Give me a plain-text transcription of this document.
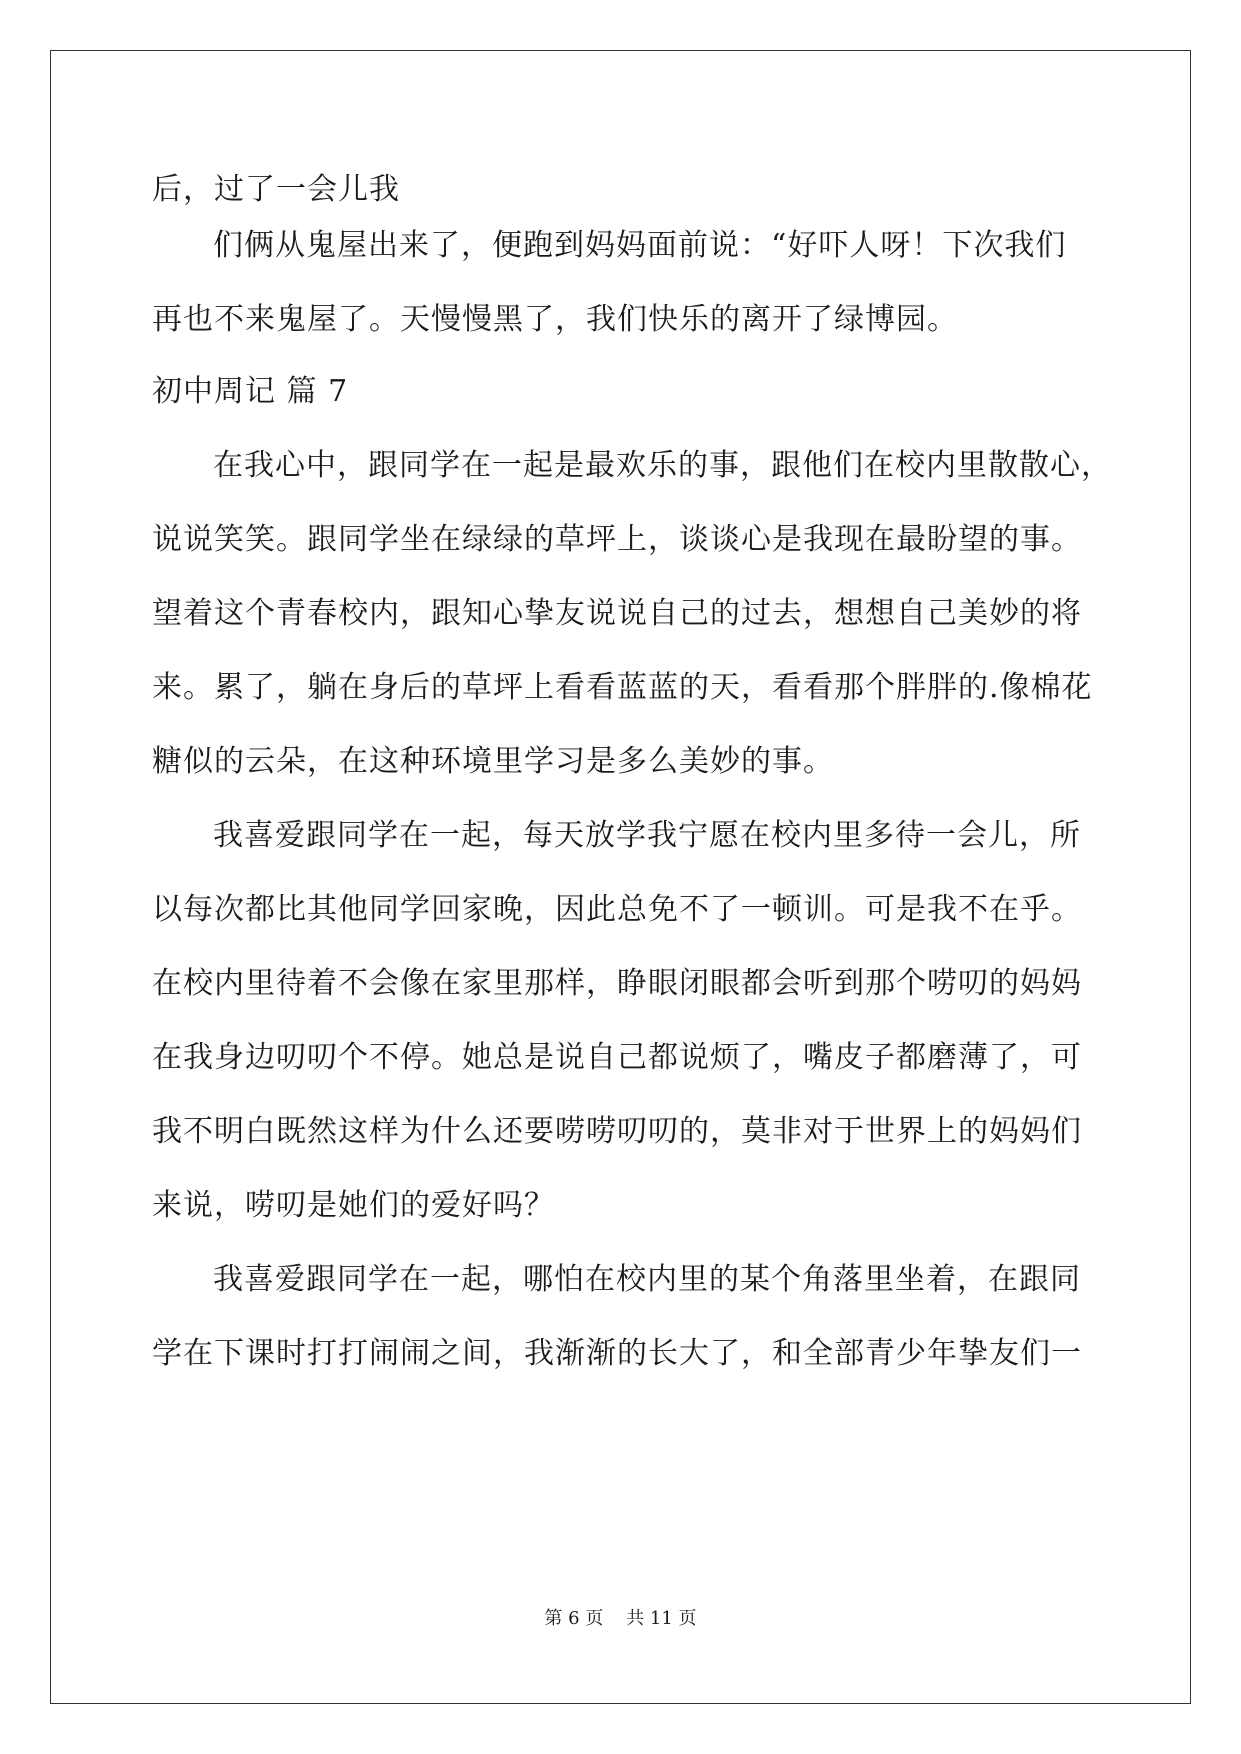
后，过了一会儿我
们俩从鬼屋出来了，便跑到妈妈面前说：“好吓人呀！下次我们
再也不来鬼屋了。天慢慢黑了，我们快乐的离开了绿博园。
初中周记 篇 7
在我心中，跟同学在一起是最欢乐的事，跟他们在校内里散散心，
说说笑笑。跟同学坐在绿绿的草坪上，谈谈心是我现在最盼望的事。
望着这个青春校内，跟知心挚友说说自己的过去，想想自己美妙的将
来。累了，躺在身后的草坪上看看蓝蓝的天，看看那个胖胖的.像棉花
糖似的云朵，在这种环境里学习是多么美妙的事。
我喜爱跟同学在一起，每天放学我宁愿在校内里多待一会儿，所
以每次都比其他同学回家晚，因此总免不了一顿训。可是我不在乎。
在校内里待着不会像在家里那样，睁眼闭眼都会听到那个唠叨的妈妈
在我身边叨叨个不停。她总是说自己都说烦了，嘴皮子都磨薄了，可
我不明白既然这样为什么还要唠唠叨叨的，莫非对于世界上的妈妈们
来说，唠叨是她们的爱好吗？
我喜爱跟同学在一起，哪怕在校内里的某个角落里坐着，在跟同
学在下课时打打闹闹之间，我渐渐的长大了，和全部青少年挚友们一
第 6 页    共 11 页
